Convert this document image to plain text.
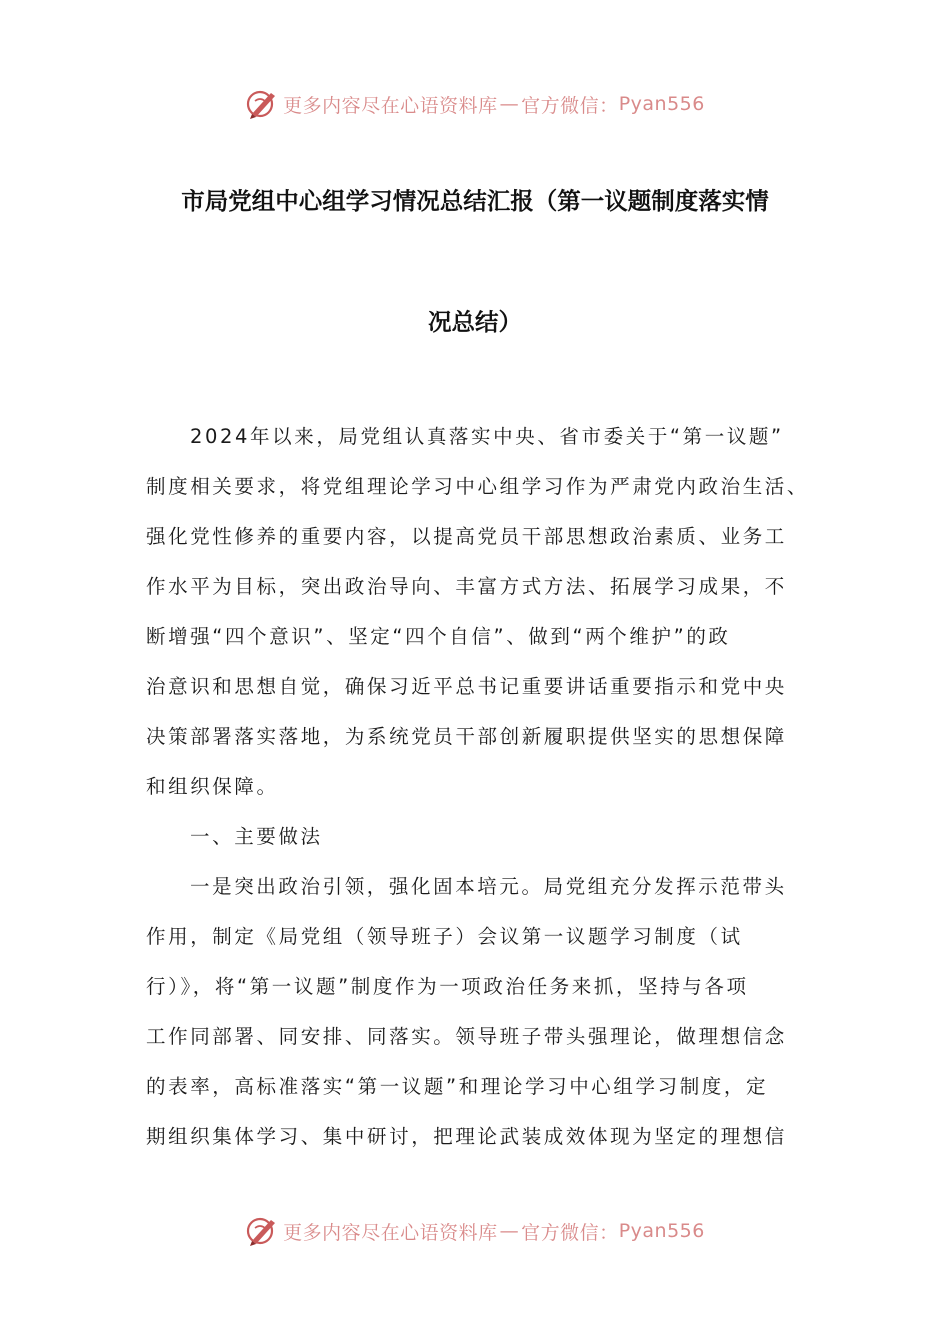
更多内容尽在心语资料库 — 官方微信： Pyan556
市局党组中心组学习情况总结汇报（第一议题制度落实情
况总结）
2024年以来，局党组认真落实中央、省市委关于“第一议题”
制度相关要求，将党组理论学习中心组学习作为严肃党内政治生活、
强化党性修养的重要内容，以提高党员干部思想政治素质、业务工
作水平为目标，突出政治导向、丰富方式方法、拓展学习成果，不
断增强“四个意识”、坚定“四个自信”、做到“两个维护”的政
治意识和思想自觉，确保习近平总书记重要讲话重要指示和党中央
决策部署落实落地，为系统党员干部创新履职提供坚实的思想保障
和组织保障。
一、主要做法
一是突出政治引领，强化固本培元。局党组充分发挥示范带头
作用，制定《局党组（领导班子）会议第一议题学习制度（试
行）》，将“第一议题”制度作为一项政治任务来抓，坚持与各项
工作同部署、同安排、同落实。领导班子带头强理论，做理想信念
的表率，高标准落实“第一议题”和理论学习中心组学习制度，定
期组织集体学习、集中研讨，把理论武装成效体现为坚定的理想信
更多内容尽在心语资料库 — 官方微信： Pyan556
